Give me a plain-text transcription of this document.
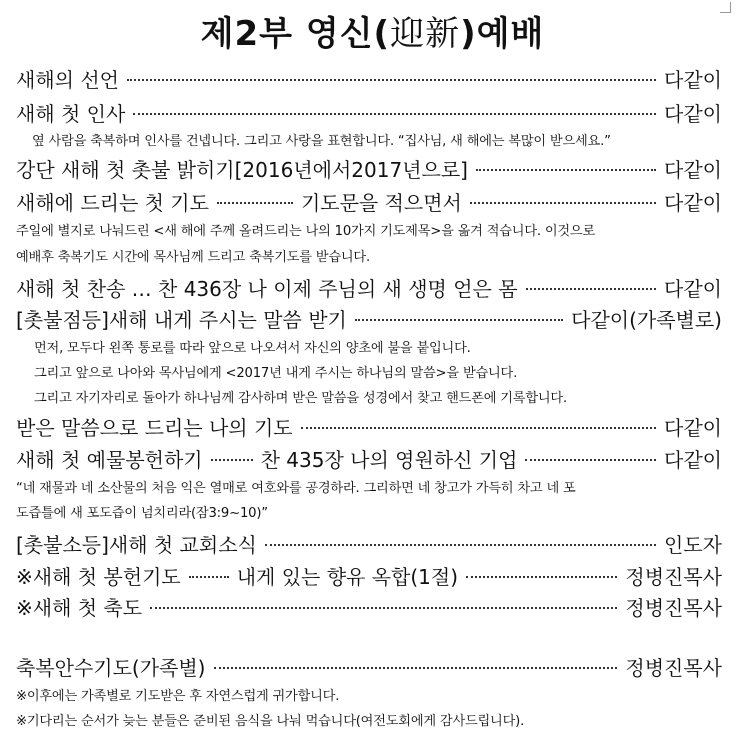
제2부 영신(迎新)예배
새해의 선언	다같이
새해 첫 인사	다같이
옆 사람을 축복하며 인사를 건넵니다. 그리고 사랑을 표현합니다. “집사님, 새 해에는 복많이 받으세요.”
강단 새해 첫 촛불 밝히기[2016년에서2017년으로]	다같이
새해에 드리는 첫 기도	기도문을 적으면서	다같이
주일에 별지로 나눠드린 <새 해에 주께 올려드리는 나의 10가지 기도제목>을 옮겨 적습니다. 이것으로
예배후 축복기도 시간에 목사님께 드리고 축복기도를 받습니다.
새해 첫 찬송 … 찬 436장 나 이제 주님의 새 생명 얻은 몸	다같이
[촛불점등]새해 내게 주시는 말씀 받기	다같이(가족별로)
먼저, 모두다 왼쪽 통로를 따라 앞으로 나오셔서 자신의 양초에 불을 붙입니다.
그리고 앞으로 나아와 목사님에게 <2017년 내게 주시는 하나님의 말씀>을 받습니다.
그리고 자기자리로 돌아가 하나님께 감사하며 받은 말씀을 성경에서 찾고 핸드폰에 기록합니다.
받은 말씀으로 드리는 나의 기도	다같이
새해 첫 예물봉헌하기	찬 435장 나의 영원하신 기업	다같이
“네 재물과 네 소산물의 처음 익은 열매로 여호와를 공경하라. 그리하면 네 창고가 가득히 차고 네 포
도즙틀에 새 포도즙이 넘치리라(잠3:9~10)”
[촛불소등]새해 첫 교회소식	인도자
※새해 첫 봉헌기도	내게 있는 향유 옥합(1절)	정병진목사
※새해 첫 축도	정병진목사
축복안수기도(가족별)	정병진목사
※이후에는 가족별로 기도받은 후 자연스럽게 귀가합니다.
※기다리는 순서가 늦는 분들은 준비된 음식을 나눠 먹습니다(여전도회에게 감사드립니다).
